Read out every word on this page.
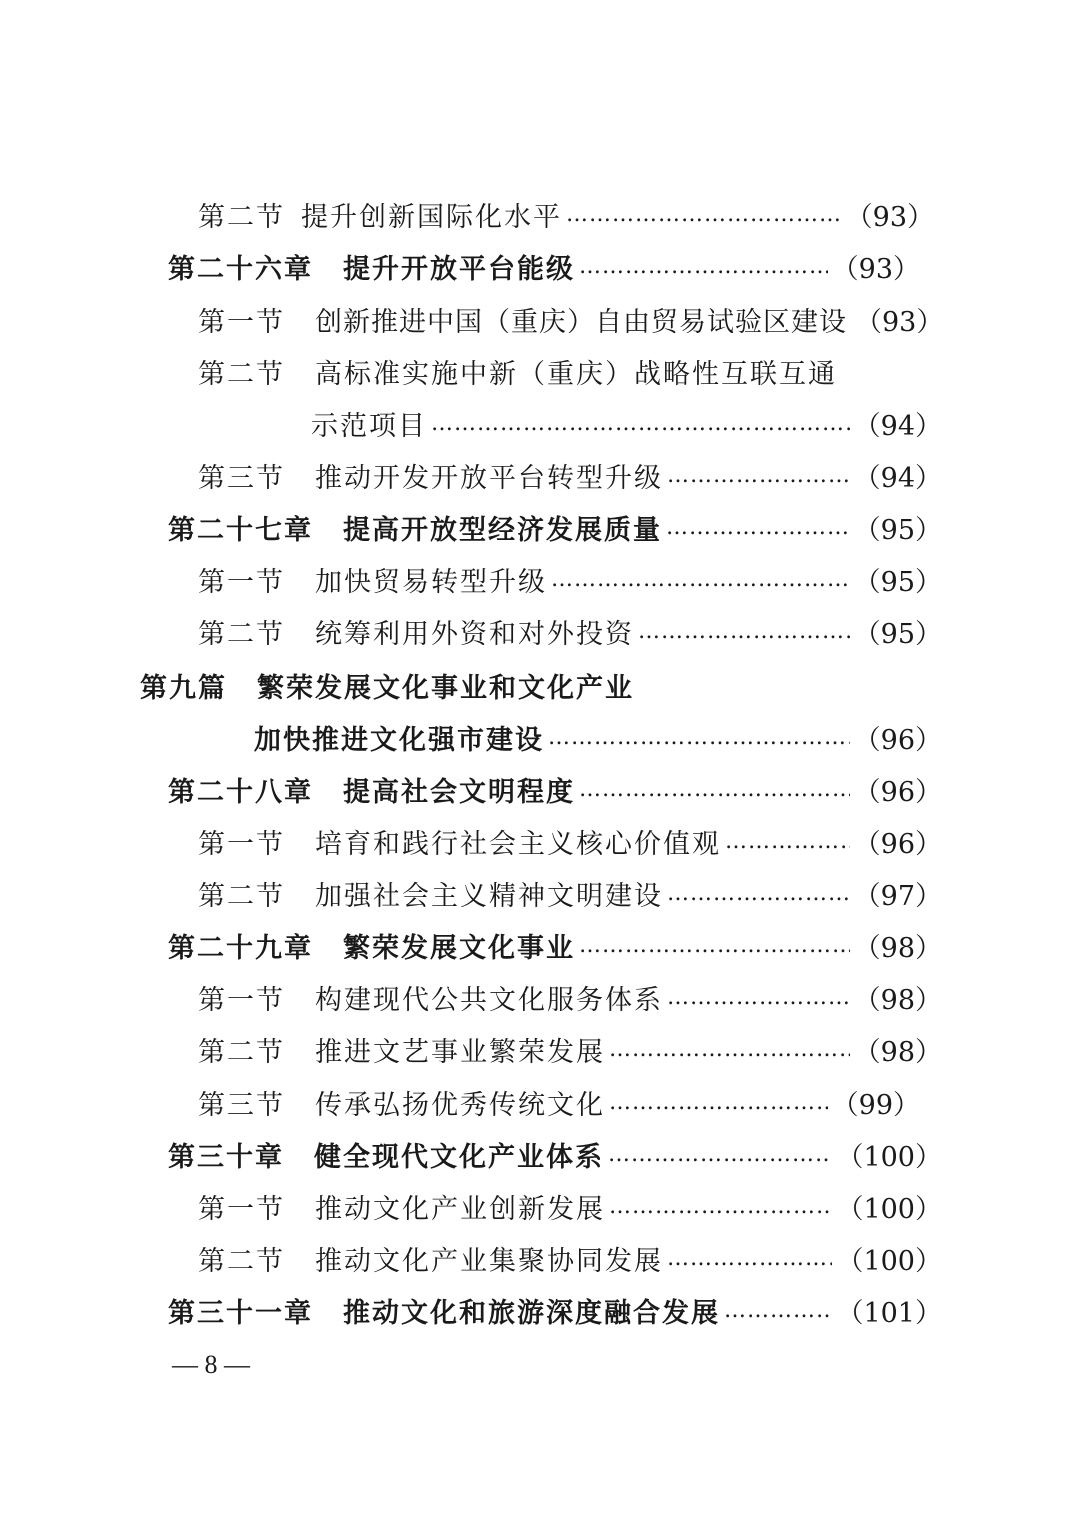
第二节 提升创新国际化水平 …………………………………………………………………………………………………………………………	（93）
第二十六章 提升开放平台能级 …………………………………………………………………………………………………………………………	（93）
第一节 创新推进中国（重庆）自由贸易试验区建设 （93）
第二节 高标准实施中新（重庆）战略性互联互通
示范项目 …………………………………………………………………………………………………………………………	（94）
第三节 推动开发开放平台转型升级 …………………………………………………………………………………………………………………………	（94）
第二十七章 提高开放型经济发展质量 …………………………………………………………………………………………………………………………	（95）
第一节 加快贸易转型升级 …………………………………………………………………………………………………………………………	（95）
第二节 统筹利用外资和对外投资 …………………………………………………………………………………………………………………………	（95）
第九篇 繁荣发展文化事业和文化产业
加快推进文化强市建设 …………………………………………………………………………………………………………………………	（96）
第二十八章 提高社会文明程度 …………………………………………………………………………………………………………………………	（96）
第一节 培育和践行社会主义核心价值观 …………………………………………………………………………………………………………………………	（96）
第二节 加强社会主义精神文明建设 …………………………………………………………………………………………………………………………	（97）
第二十九章 繁荣发展文化事业 …………………………………………………………………………………………………………………………	（98）
第一节 构建现代公共文化服务体系 …………………………………………………………………………………………………………………………	（98）
第二节 推进文艺事业繁荣发展 …………………………………………………………………………………………………………………………	（98）
第三节 传承弘扬优秀传统文化 …………………………………………………………………………………………………………………………	（99）
第三十章 健全现代文化产业体系 …………………………………………………………………………………………………………………………	（100）
第一节 推动文化产业创新发展 …………………………………………………………………………………………………………………………	（100）
第二节 推动文化产业集聚协同发展 …………………………………………………………………………………………………………………………	（100）
第三十一章 推动文化和旅游深度融合发展 …………………………………………………………………………………………………………………………	（101）
— 8 —
